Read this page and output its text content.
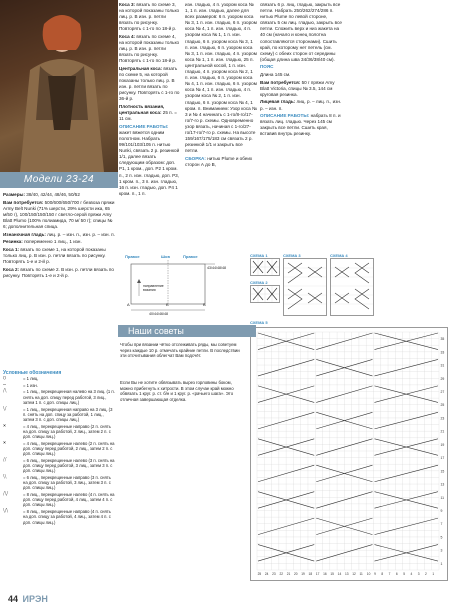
Модели 23-24

Размеры: 38/40, 42/44, 48/46, 50/52

Вам потребуется: 500/600/650/700 г безвоза пряжи Army Belt Nunki (71% шерсти, 29% шерсти ика, 65 м/50 г), 100/150/150/150 г светло-серой пряжи Amy Blatt Plumo (100% полиамида, 70 м/ 50 г); спицы № 6; дополнительная спица.

Изнаночная гладь: лиц. р. – изн. п., изн. р. – изн. п.

Резинка: попеременно 1 лиц., 1 изн.

Коса 1: вязать по схеме 1, на которой показаны только лиц. р. В изн. р. петли вязать по рисунку. Повторять 1-е и 2-й р.

Коса 2: вязать по схеме 2. В изн. р. петли вязать по рисунку. Повторять 1-е и 2-й р.

Условные обозначения
○	= 1 лиц.
–	= 1 изн.
⧸⧹	= 1 лиц., перекрещенная налево на 3 лиц. (1 п. снять на доп. спицу перед работой, 3 лиц., затем 1 п. с доп. спицы лиц.)
⧹⧸	= 1 лиц., перекрещенная направо на 3 лиц. (3 п. снять на доп. спицу за работой, 1 лиц., затем 3 п. с доп. спицы лиц.)
⨯	= 4 лиц., перекрещенные направо (2 п. снять на доп. спицу за работой, 2 лиц., затем 2 п. с доп. спицы лиц.)
⨯	= 4 лиц., перекрещенные налево (2 п. снять на доп. спицу перед работой, 2 лиц., затем 2 п. с доп. спицы лиц.)
⧸⧸	= 6 лиц., перекрещенные налево (3 п. снять на доп. спицу перед работой, 3 лиц., затем 3 п. с доп. спицы лиц.)
⧹⧹	= 6 лиц., перекрещенные направо (3 п. снять на доп. спицу за работой, 3 лиц., затем 3 п. с доп. спицы лиц.)
⧸⧹⧸	= 8 лиц., перекрещенные налево (4 п. снять на доп. спицу перед работой, 4 лиц., затем 4 п. с доп. спицы лиц.)
⧹⧸⧹	= 8 лиц., перекрещенные направо (4 п. снять на доп. спицу за работой, 4 лиц., затем 4 п. с доп. спицы лиц.)

Коса 3: вязать по схеме 3, на которой показаны только лиц. р. В изн. р. петли вязать по рисунку. Повторять с 1-го по 18-й р.

Коса 4: вязать по схеме 4, на которой показаны только лиц. р. В изн. р. петли вязать по рисунку. Повторять с 1-го по 18-й р.

Центральная коса: вязать по схеме 5, на которой показаны только лиц. р. В изн. р. петли вязать по рисунку. Повторять с 1-го по 36-й р.

Плотность вязания, центральная коса: 25 п. = 11 см.

ОПИСАНИЕ РАБОТЫ: жакет вяжется одним полотном. Набрать 99/101/103/105 п. нитью Nunki, связать 2 р. резинкой 1/1, далее вязать следующим образом: доп. Р1, 1 кром., доп. Р2 1 кром. п., 2 п. изн. гладью, доп. Р3, 1 кром. п., 3 п. изн. гладью, 16 п. изн. гладью, доп. Р4 1 кром. п., 1 п.

изн. гладью, 4 п. узором коса № 1, 1 п. изн. гладью, далее для всех размеров: 6 п. узором коса № 3, 1 п. изн. гладью, 6 п. узором коса № 4, 1 п. изн. гладью, 4 п. узором коса № 1, 1 п. изн. гладью, 6 п. узором коса № 3, 1 п. изн. гладью, 6 п. узором коса № 3, 1 п. изн. гладью, 4 п. узором коса № 1, 1 п. изн. гладью, 25 п. центральной косой, 1 п. изн. гладью, 4 п. узором коса № 2, 1 п. изн. гладью, 6 п. узором коса № 4, 1 п. изн. гладью, 6 п. узором коса № 4, 1 п. изн. гладью, 4 п. узором коса № 2, 1 п. изн. гладью, 6 п. узором коса № 4, 1 кром. п. Вниманием: Узор коса № 3 и № 4 начинать с 1-го/8-го/17-го/7-го р. схемы. Одновременно узор вязать, начиная с 1-го/27-го/17-го/7-го р. схемы. На высоте 159/167/175/183 см связать 2 р. резинкой 1/1 и закрыть все петли.

СБОРКА: нитью Plume и обеих сторон А до В,

связать 6 р. лиц. гладью, закрыть все петли. Набрать 250/262/274/286 п. нитью Plume по левой стороне, связать 5 см лиц. гладью, закрыть все петли. Сложить верх и низ жакета на 40 см (начало и конец полотна сопоставляются сторонами). Сшить край, по которому нет петель (см. схему) с обеих сторон от середины (общая длина шва 34/36/38/40 см).

ПОЯС

Длина 145 см.

Вам потребуется: 50 г пряжи Amy Blatt Victoria, спицы № 3.5, 144 см круговая резинка.

Лицевая гладь: лиц. р. – лиц. п., изн. р. – изн. п.

ОПИСАНИЕ РАБОТЫ: набрать 8 п. и вязать лиц. гладью. Через 145 см закрыть все петли. Сшить края, вставив внутрь резинку.

Правое	Шов	Правое
направление вязания
43/44/48/48
40/44/46/48
A	Б	В
СХЕМА 1
СХЕМА 2
СХЕМА 3	СХЕМА 4
СХЕМА 5
35
33
31
29
27
25
23
21
19
17
15
13
11
9
7
5
3
1
25 24 23 22 21 20 19 18 17 16 15 14 13 12 11 10 9 8 7 6 5 4 3 2 1
Наши советы
Чтобы при вязании чётко отслеживать ряды, мы советуем через каждые 10 р. отмечать крайние петли. В последствии эти отсчитывания облегчат Вам подсчёт.
Если Вы не хотите обвязывать вырез горловины боком, можно прибегнуть к хитрости. В этом случае край можно обвязать 1 круг. р. ст. б/н и 1 круг. р. «рачьего шага». Это отличная завершающая отделка.
44 ИРЭН
